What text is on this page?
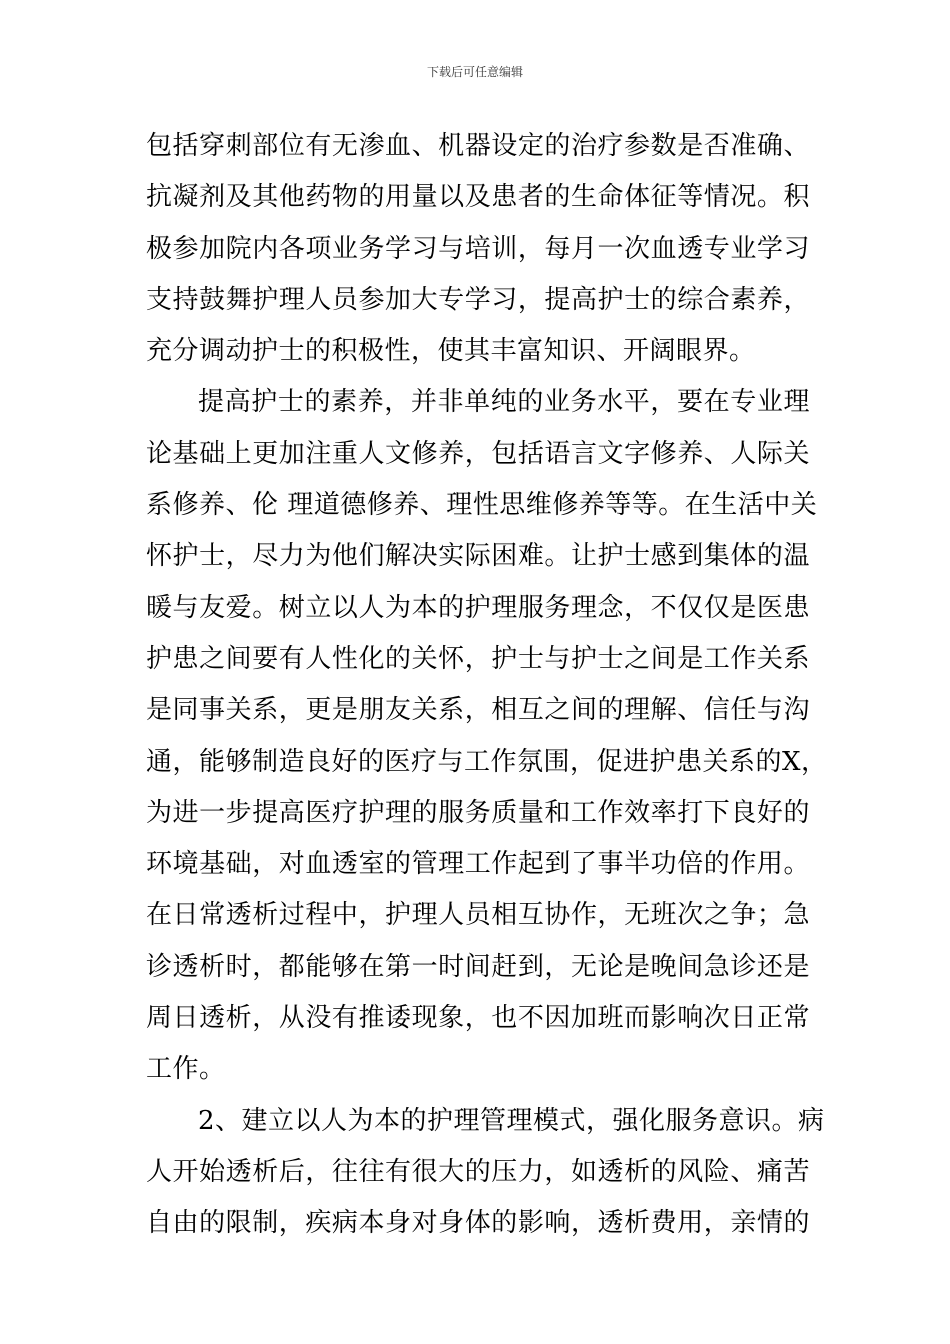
下载后可任意编辑
包括穿刺部位有无渗血、机器设定的治疗参数是否准确、
抗凝剂及其他药物的用量以及患者的生命体征等情况。积
极参加院内各项业务学习与培训，每月一次血透专业学习
支持鼓舞护理人员参加大专学习，提高护士的综合素养，
充分调动护士的积极性，使其丰富知识、开阔眼界。
提高护士的素养，并非单纯的业务水平，要在专业理
论基础上更加注重人文修养，包括语言文字修养、人际关
系修养、伦 理道德修养、理性思维修养等等。在生活中关
怀护士，尽力为他们解决实际困难。让护士感到集体的温
暖与友爱。树立以人为本的护理服务理念，不仅仅是医患
护患之间要有人性化的关怀，护士与护士之间是工作关系
是同事关系，更是朋友关系，相互之间的理解、信任与沟
通，能够制造良好的医疗与工作氛围，促进护患关系的X，
为进一步提高医疗护理的服务质量和工作效率打下良好的
环境基础，对血透室的管理工作起到了事半功倍的作用。
在日常透析过程中，护理人员相互协作，无班次之争；急
诊透析时，都能够在第一时间赶到，无论是晚间急诊还是
周日透析，从没有推诿现象，也不因加班而影响次日正常
工作。
2、建立以人为本的护理管理模式，强化服务意识。病
人开始透析后，往往有很大的压力，如透析的风险、痛苦
自由的限制，疾病本身对身体的影响，透析费用，亲情的
